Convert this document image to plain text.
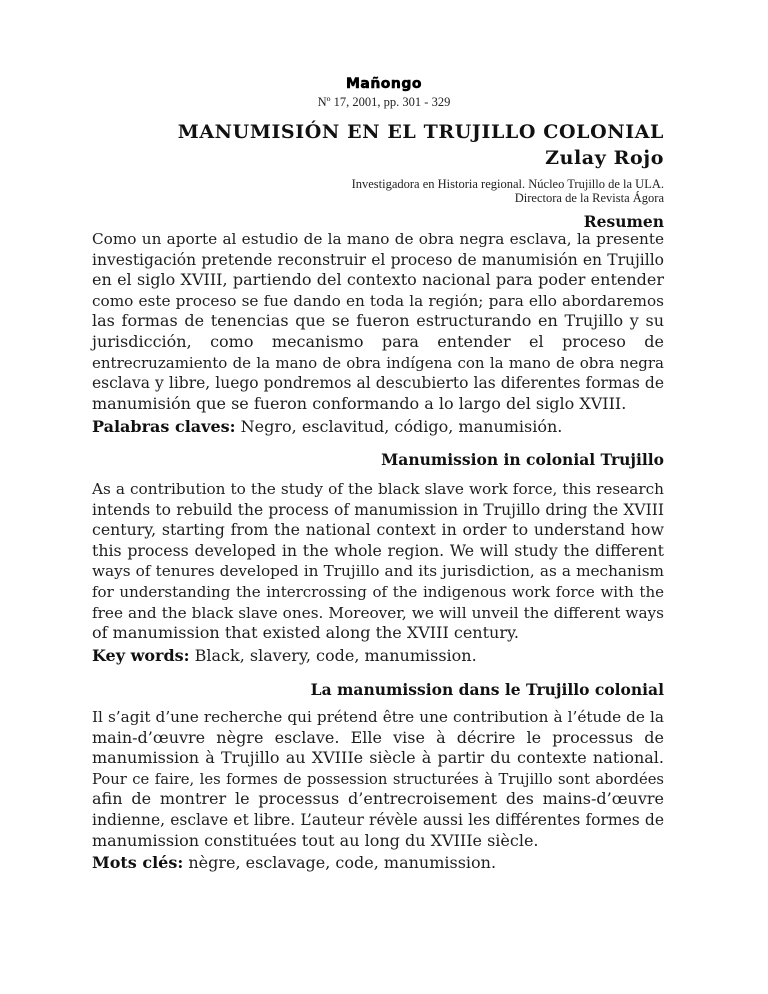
Mañongo
Nº 17, 2001, pp. 301 - 329
MANUMISIÓN EN EL TRUJILLO COLONIAL
Zulay Rojo
Investigadora en Historia regional. Núcleo Trujillo de la ULA.
Directora de la Revista Ágora
Resumen
Como un aporte al estudio de la mano de obra negra esclava, la presente
investigación pretende reconstruir el proceso de manumisión en Trujillo
en el siglo XVIII, partiendo del contexto nacional para poder entender
como este proceso se fue dando en toda la región; para ello abordaremos
las formas de tenencias que se fueron estructurando en Trujillo y su
jurisdicción, como mecanismo para entender el proceso de
entrecruzamiento de la mano de obra indígena con la mano de obra negra
esclava y libre, luego pondremos al descubierto las diferentes formas de
manumisión que se fueron conformando a lo largo del siglo XVIII.
Palabras claves: Negro, esclavitud, código, manumisión.
Manumission in colonial Trujillo
As a contribution to the study of the black slave work force, this research
intends to rebuild the process of manumission in Trujillo dring the XVIII
century, starting from the national context in order to understand how
this process developed in the whole region. We will study the different
ways of tenures developed in Trujillo and its jurisdiction, as a mechanism
for understanding the intercrossing of the indigenous work force with the
free and the black slave ones. Moreover, we will unveil the different ways
of manumission that existed along the XVIII century.
Key words: Black, slavery, code, manumission.
La manumission dans le Trujillo colonial
Il s’agit d’une recherche qui prétend être une contribution à l’étude de la
main-d’œuvre nègre esclave. Elle vise à décrire le processus de
manumission à Trujillo au XVIIIe siècle à partir du contexte national.
Pour ce faire, les formes de possession structurées à Trujillo sont abordées
afin de montrer le processus d’entrecroisement des mains-d’œuvre
indienne, esclave et libre. L’auteur révèle aussi les différentes formes de
manumission constituées tout au long du XVIIIe siècle.
Mots clés: nègre, esclavage, code, manumission.
